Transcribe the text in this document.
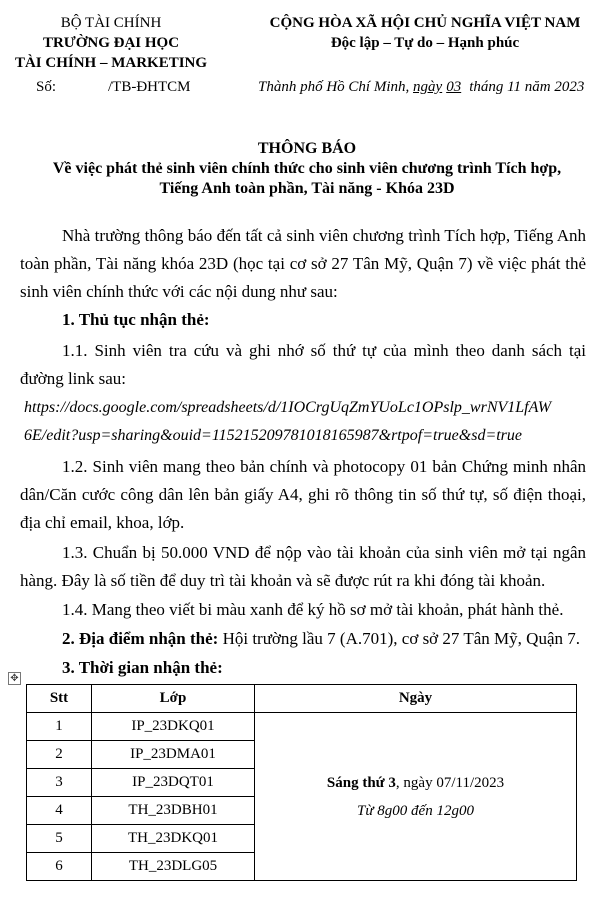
BỘ TÀI CHÍNH
TRƯỜNG ĐẠI HỌC
TÀI CHÍNH – MARKETING
CỘNG HÒA XÃ HỘI CHỦ NGHĨA VIỆT NAM
Độc lập – Tự do – Hạnh phúc
Số:	/TB-ĐHTCM	Thành phố Hồ Chí Minh, ngày 03 tháng 11 năm 2023
THÔNG BÁO
Về việc phát thẻ sinh viên chính thức cho sinh viên chương trình Tích hợp,
Tiếng Anh toàn phần, Tài năng - Khóa 23D
Nhà trường thông báo đến tất cả sinh viên chương trình Tích hợp, Tiếng Anh toàn phần, Tài năng khóa 23D (học tại cơ sở 27 Tân Mỹ, Quận 7) về việc phát thẻ sinh viên chính thức với các nội dung như sau:
1. Thủ tục nhận thẻ:
1.1. Sinh viên tra cứu và ghi nhớ số thứ tự của mình theo danh sách tại đường link sau:
https://docs.google.com/spreadsheets/d/1IOCrgUqZmYUoLc1OPslp_wrNV1LfAW
6E/edit?usp=sharing&ouid=115215209781018165987&rtpof=true&sd=true
1.2. Sinh viên mang theo bản chính và photocopy 01 bản Chứng minh nhân dân/Căn cước công dân lên bản giấy A4, ghi rõ thông tin số thứ tự, số điện thoại, địa chỉ email, khoa, lớp.
1.3. Chuẩn bị 50.000 VND để nộp vào tài khoản của sinh viên mở tại ngân hàng. Đây là số tiền để duy trì tài khoản và sẽ được rút ra khi đóng tài khoản.
1.4. Mang theo viết bi màu xanh để ký hồ sơ mở tài khoản, phát hành thẻ.
2. Địa điểm nhận thẻ: Hội trường lầu 7 (A.701), cơ sở 27 Tân Mỹ, Quận 7.
3. Thời gian nhận thẻ:
✥
Stt	Lớp	Ngày
1	IP_23DKQ01	Sáng thứ 3, ngày 07/11/2023
Từ 8g00 đến 12g00

2	IP_23DMA01	
3	IP_23DQT01	
4	TH_23DBH01	
5	TH_23DKQ01	
6	TH_23DLG05	
